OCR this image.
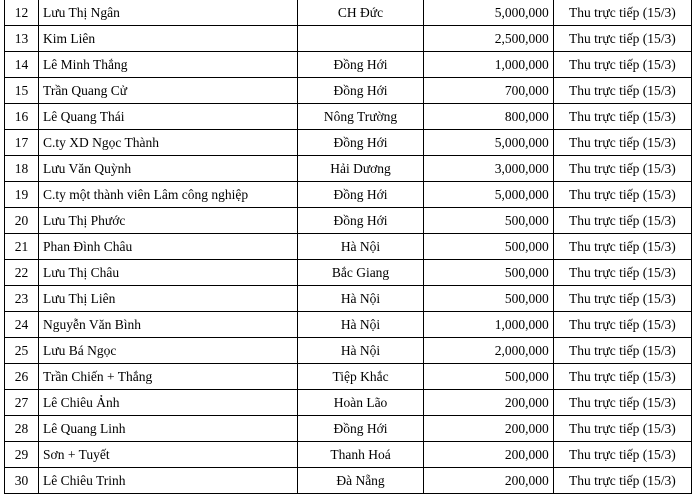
12	Lưu Thị Ngân	CH Đức	5,000,000	Thu trực tiếp (15/3)
13	Kim Liên		2,500,000	Thu trực tiếp (15/3)
14	Lê Minh Thắng	Đồng Hới	1,000,000	Thu trực tiếp (15/3)
15	Trần Quang Cử	Đồng Hới	700,000	Thu trực tiếp (15/3)
16	Lê Quang Thái	Nông Trường	800,000	Thu trực tiếp (15/3)
17	C.ty XD Ngọc Thành	Đồng Hới	5,000,000	Thu trực tiếp (15/3)
18	Lưu Văn Quỳnh	Hải Dương	3,000,000	Thu trực tiếp (15/3)
19	C.ty một thành viên Lâm công nghiệp	Đồng Hới	5,000,000	Thu trực tiếp (15/3)
20	Lưu Thị Phước	Đồng Hới	500,000	Thu trực tiếp (15/3)
21	Phan Đình Châu	Hà Nội	500,000	Thu trực tiếp (15/3)
22	Lưu Thị Châu	Bắc Giang	500,000	Thu trực tiếp (15/3)
23	Lưu Thị Liên	Hà Nội	500,000	Thu trực tiếp (15/3)
24	Nguyễn Văn Bình	Hà Nội	1,000,000	Thu trực tiếp (15/3)
25	Lưu Bá Ngọc	Hà Nội	2,000,000	Thu trực tiếp (15/3)
26	Trần Chiến + Thắng	Tiệp Khắc	500,000	Thu trực tiếp (15/3)
27	Lê Chiêu Ảnh	Hoàn Lão	200,000	Thu trực tiếp (15/3)
28	Lê Quang Linh	Đồng Hới	200,000	Thu trực tiếp (15/3)
29	Sơn + Tuyết	Thanh Hoá	200,000	Thu trực tiếp (15/3)
30	Lê Chiêu Trinh	Đà Nẵng	200,000	Thu trực tiếp (15/3)
